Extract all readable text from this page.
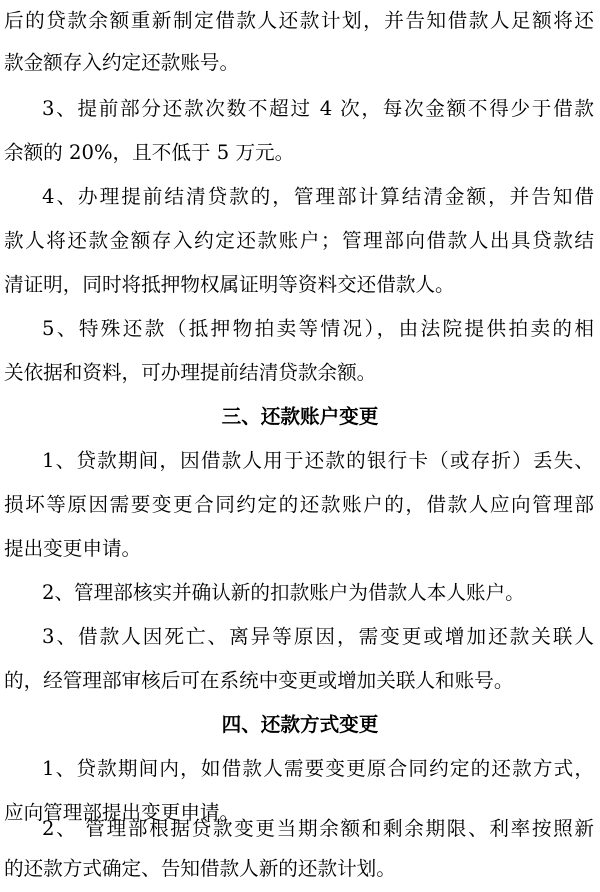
后的贷款余额重新制定借款人还款计划，并告知借款人足额将还
款金额存入约定还款账号。
3、提前部分还款次数不超过 4 次，每次金额不得少于借款
余额的 20%，且不低于 5 万元。
4、办理提前结清贷款的，管理部计算结清金额，并告知借
款人将还款金额存入约定还款账户；管理部向借款人出具贷款结
清证明，同时将抵押物权属证明等资料交还借款人。
5、特殊还款（抵押物拍卖等情况），由法院提供拍卖的相
关依据和资料，可办理提前结清贷款余额。
三、还款账户变更
1、贷款期间，因借款人用于还款的银行卡（或存折）丢失、
损坏等原因需要变更合同约定的还款账户的，借款人应向管理部
提出变更申请。
2、管理部核实并确认新的扣款账户为借款人本人账户。
3、借款人因死亡、离异等原因，需变更或增加还款关联人
的，经管理部审核后可在系统中变更或增加关联人和账号。
四、还款方式变更
1、贷款期间内，如借款人需要变更原合同约定的还款方式，
应向管理部提出变更申请。
2、 管理部根据贷款变更当期余额和剩余期限、利率按照新
的还款方式确定、告知借款人新的还款计划。
